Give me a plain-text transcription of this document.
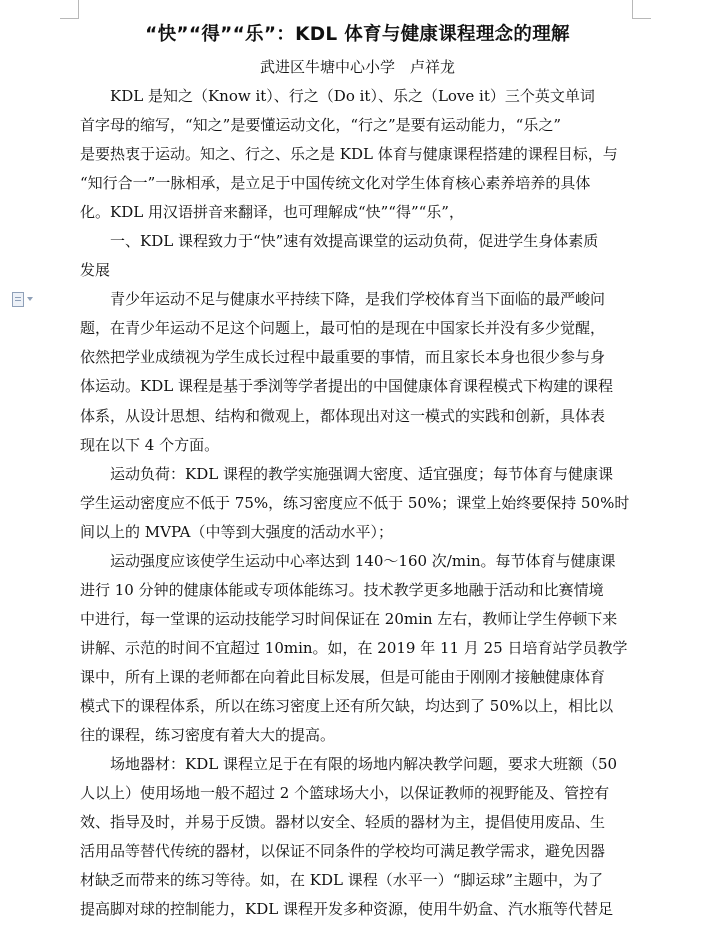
“快”“得”“乐”：KDL 体育与健康课程理念的理解

武进区牛塘中心小学　卢祥龙

KDL 是知之（Know it）、行之（Do it）、乐之（Love it）三个英文单词
首字母的缩写，“知之”是要懂运动文化，“行之”是要有运动能力，“乐之”
是要热衷于运动。知之、行之、乐之是 KDL 体育与健康课程搭建的课程目标，与
“知行合一”一脉相承，是立足于中国传统文化对学生体育核心素养培养的具体
化。KDL 用汉语拼音来翻译，也可理解成“快”“得”“乐”，

一、KDL 课程致力于“快”速有效提高课堂的运动负荷，促进学生身体素质
发展

青少年运动不足与健康水平持续下降，是我们学校体育当下面临的最严峻问
题，在青少年运动不足这个问题上，最可怕的是现在中国家长并没有多少觉醒，
依然把学业成绩视为学生成长过程中最重要的事情，而且家长本身也很少参与身
体运动。KDL 课程是基于季浏等学者提出的中国健康体育课程模式下构建的课程
体系，从设计思想、结构和微观上，都体现出对这一模式的实践和创新，具体表
现在以下 4 个方面。

运动负荷：KDL 课程的教学实施强调大密度、适宜强度；每节体育与健康课
学生运动密度应不低于 75%，练习密度应不低于 50%；课堂上始终要保持 50%时
间以上的 MVPA（中等到大强度的活动水平）；

运动强度应该使学生运动中心率达到 140～160 次/min。每节体育与健康课
进行 10 分钟的健康体能或专项体能练习。技术教学更多地融于活动和比赛情境
中进行，每一堂课的运动技能学习时间保证在 20min 左右，教师让学生停顿下来
讲解、示范的时间不宜超过 10min。如，在 2019 年 11 月 25 日培育站学员教学
课中，所有上课的老师都在向着此目标发展，但是可能由于刚刚才接触健康体育
模式下的课程体系，所以在练习密度上还有所欠缺，均达到了 50%以上，相比以
往的课程，练习密度有着大大的提高。

场地器材：KDL 课程立足于在有限的场地内解决教学问题，要求大班额（50
人以上）使用场地一般不超过 2 个篮球场大小，以保证教师的视野能及、管控有
效、指导及时，并易于反馈。器材以安全、轻质的器材为主，提倡使用废品、生
活用品等替代传统的器材，以保证不同条件的学校均可满足教学需求，避免因器
材缺乏而带来的练习等待。如，在 KDL 课程（水平一）“脚运球”主题中，为了
提高脚对球的控制能力，KDL 课程开发多种资源，使用牛奶盒、汽水瓶等代替足
